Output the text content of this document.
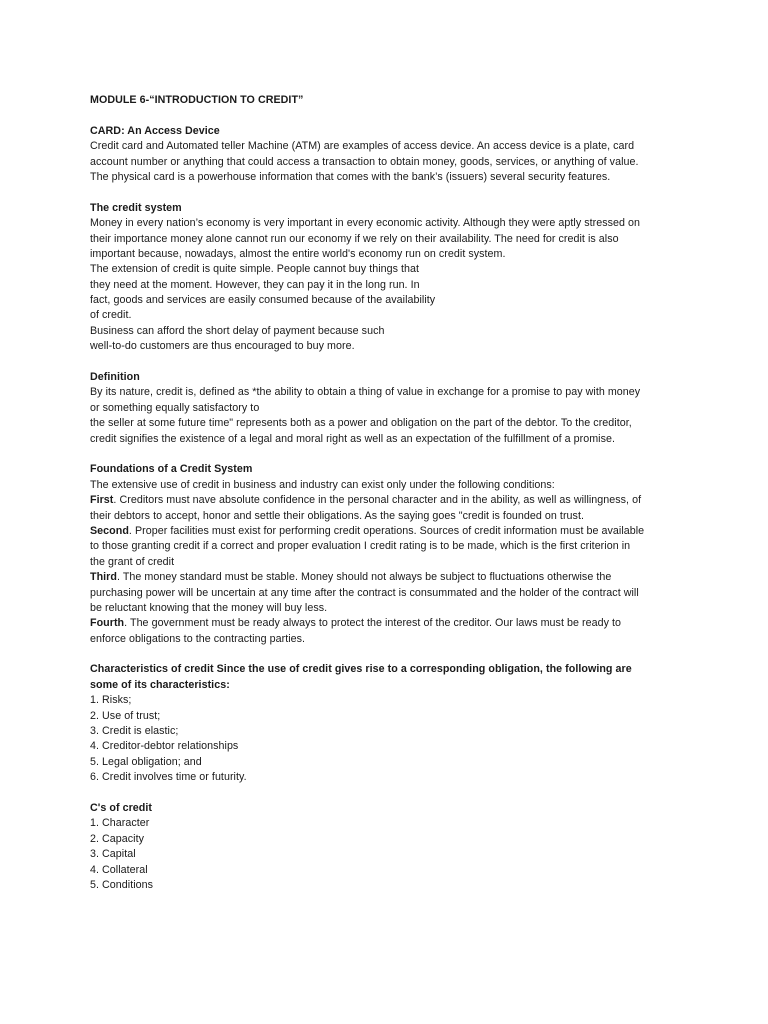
MODULE 6-“INTRODUCTION TO CREDIT”
CARD: An Access Device
Credit card and Automated teller Machine (ATM) are examples of access device. An access device is a plate, card
account number or anything that could access a transaction to obtain money, goods, services, or anything of value.
The physical card is a powerhouse information that comes with the bank’s (issuers) several security features.
The credit system
Money in every nation’s economy is very important in every economic activity. Although they were aptly stressed on
their importance money alone cannot run our economy if we rely on their availability. The need for credit is also
important because, nowadays, almost the entire world's economy run on credit system.
The extension of credit is quite simple. People cannot buy things that
they need at the moment. However, they can pay it in the long run. In
fact, goods and services are easily consumed because of the availability
of credit.
Business can afford the short delay of payment because such
well-to-do customers are thus encouraged to buy more.
Definition
By its nature, credit is, defined as *the ability to obtain a thing of value in exchange for a promise to pay with money
or something equally satisfactory to
the seller at some future time" represents both as a power and obligation on the part of the debtor. To the creditor,
credit signifies the existence of a legal and moral right as well as an expectation of the fulfillment of a promise.
Foundations of a Credit System
The extensive use of credit in business and industry can exist only under the following conditions:
First. Creditors must nave absolute confidence in the personal character and in the ability, as well as willingness, of
their debtors to accept, honor and settle their obligations. As the saying goes "credit is founded on trust.
Second. Proper facilities must exist for performing credit operations. Sources of credit information must be available
to those granting credit if a correct and proper evaluation I credit rating is to be made, which is the first criterion in
the grant of credit
Third. The money standard must be stable. Money should not always be subject to fluctuations otherwise the
purchasing power will be uncertain at any time after the contract is consummated and the holder of the contract will
be reluctant knowing that the money will buy less.
Fourth. The government must be ready always to protect the interest of the creditor. Our laws must be ready to
enforce obligations to the contracting parties.
Characteristics of credit Since the use of credit gives rise to a corresponding obligation, the following are
some of its characteristics:
1. Risks;
2. Use of trust;
3. Credit is elastic;
4. Creditor-debtor relationships
5. Legal obligation; and
6. Credit involves time or futurity.
C's of credit
1. Character
2. Capacity
3. Capital
4. Collateral
5. Conditions
